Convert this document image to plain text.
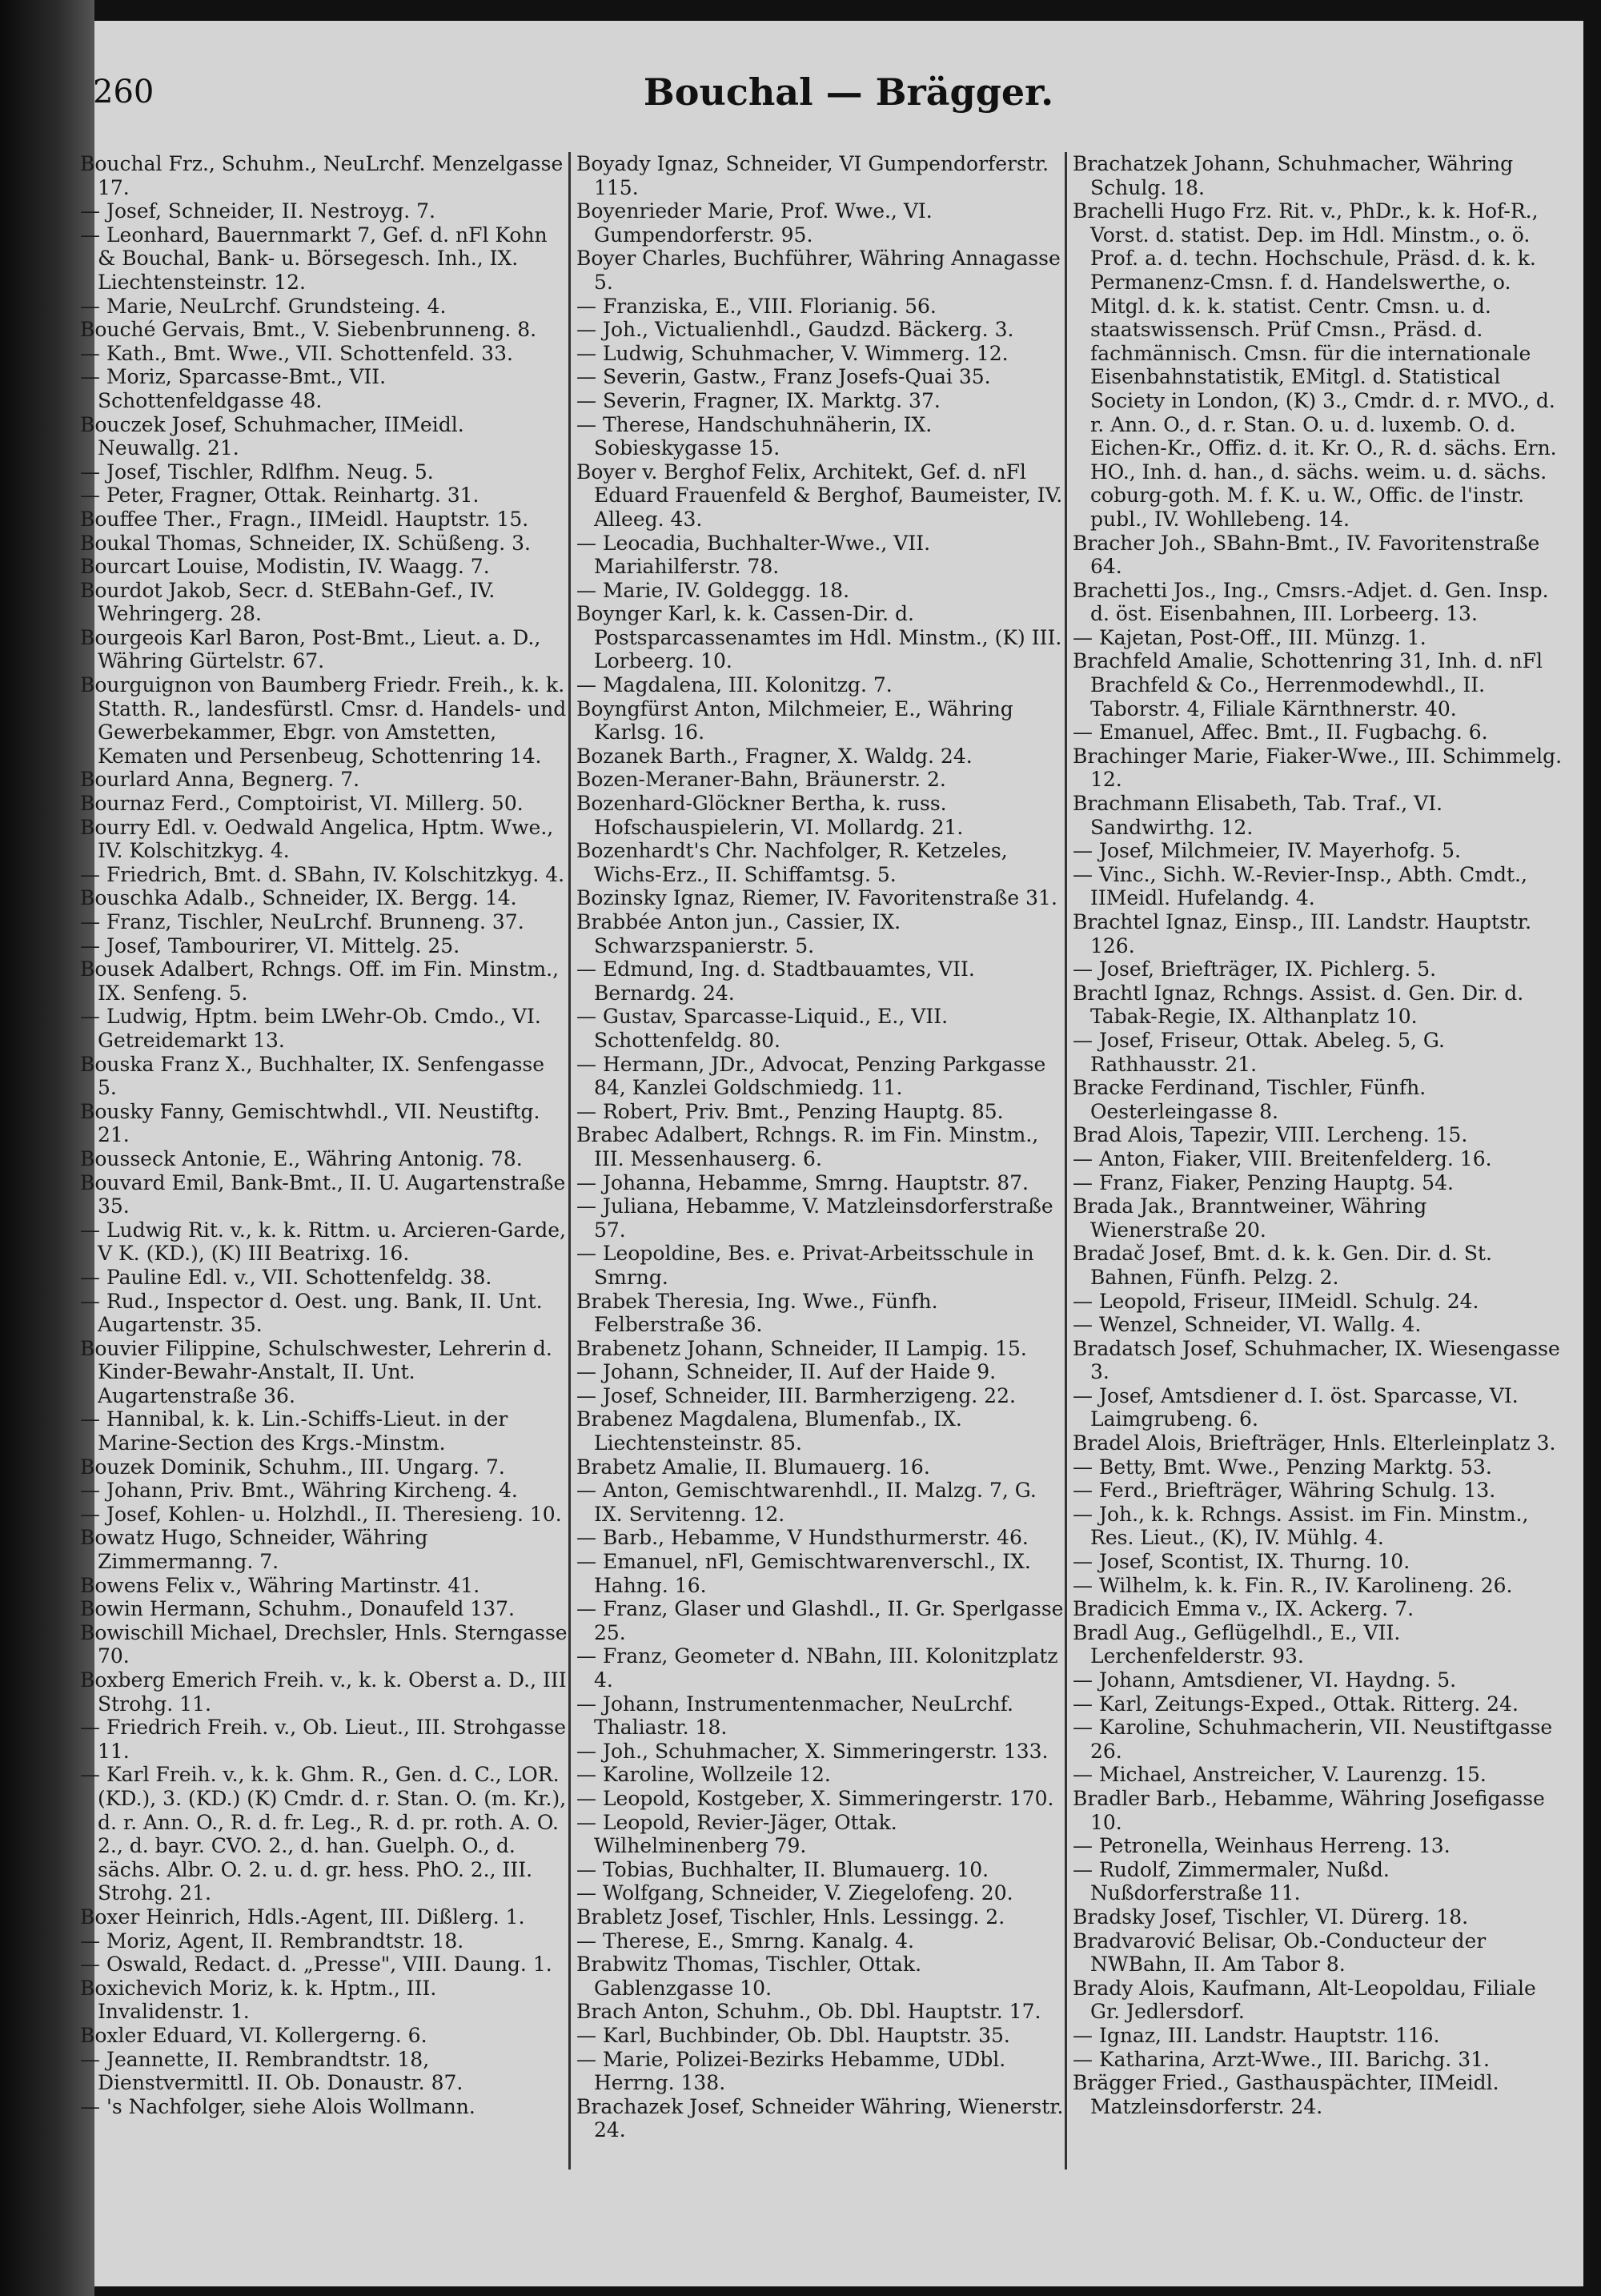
260	Bouchal — Brägger.
Bouchal Frz., Schuhm., NeuLrchf. Menzelgasse 17.
— Josef, Schneider, II. Nestroyg. 7.
— Leonhard, Bauernmarkt 7, Gef. d. nFl Kohn & Bouchal, Bank- u. Börsegesch. Inh., IX. Liechtensteinstr. 12.
— Marie, NeuLrchf. Grundsteing. 4.
Bouché Gervais, Bmt., V. Siebenbrunneng. 8.
— Kath., Bmt. Wwe., VII. Schottenfeld. 33.
— Moriz, Sparcasse-Bmt., VII. Schottenfeldgasse 48.
Bouczek Josef, Schuhmacher, IIMeidl. Neuwallg. 21.
— Josef, Tischler, Rdlfhm. Neug. 5.
— Peter, Fragner, Ottak. Reinhartg. 31.
Bouffee Ther., Fragn., IIMeidl. Hauptstr. 15.
Boukal Thomas, Schneider, IX. Schüßeng. 3.
Bourcart Louise, Modistin, IV. Waagg. 7.
Bourdot Jakob, Secr. d. StEBahn-Gef., IV. Wehringerg. 28.
Bourgeois Karl Baron, Post-Bmt., Lieut. a. D., Währing Gürtelstr. 67.
Bourguignon von Baumberg Friedr. Freih., k. k. Statth. R., landesfürstl. Cmsr. d. Handels- und Gewerbekammer, Ebgr. von Amstetten, Kematen und Persenbeug, Schottenring 14.
Bourlard Anna, Begnerg. 7.
Bournaz Ferd., Comptoirist, VI. Millerg. 50.
Bourry Edl. v. Oedwald Angelica, Hptm. Wwe., IV. Kolschitzkyg. 4.
— Friedrich, Bmt. d. SBahn, IV. Kolschitzkyg. 4.
Bouschka Adalb., Schneider, IX. Bergg. 14.
— Franz, Tischler, NeuLrchf. Brunneng. 37.
— Josef, Tambourirer, VI. Mittelg. 25.
Bousek Adalbert, Rchngs. Off. im Fin. Minstm., IX. Senfeng. 5.
— Ludwig, Hptm. beim LWehr-Ob. Cmdo., VI. Getreidemarkt 13.
Bouska Franz X., Buchhalter, IX. Senfengasse 5.
Bousky Fanny, Gemischtwhdl., VII. Neustiftg. 21.
Bousseck Antonie, E., Währing Antonig. 78.
Bouvard Emil, Bank-Bmt., II. U. Augartenstraße 35.
— Ludwig Rit. v., k. k. Rittm. u. Arcieren-Garde, V K. (KD.), (K) III Beatrixg. 16.
— Pauline Edl. v., VII. Schottenfeldg. 38.
— Rud., Inspector d. Oest. ung. Bank, II. Unt. Augartenstr. 35.
Bouvier Filippine, Schulschwester, Lehrerin d. Kinder-Bewahr-Anstalt, II. Unt. Augartenstraße 36.
— Hannibal, k. k. Lin.-Schiffs-Lieut. in der Marine-Section des Krgs.-Minstm.
Bouzek Dominik, Schuhm., III. Ungarg. 7.
— Johann, Priv. Bmt., Währing Kircheng. 4.
— Josef, Kohlen- u. Holzhdl., II. Theresieng. 10.
Bowatz Hugo, Schneider, Währing Zimmermanng. 7.
Bowens Felix v., Währing Martinstr. 41.
Bowin Hermann, Schuhm., Donaufeld 137.
Bowischill Michael, Drechsler, Hnls. Sterngasse 70.
Boxberg Emerich Freih. v., k. k. Oberst a. D., III Strohg. 11.
— Friedrich Freih. v., Ob. Lieut., III. Strohgasse 11.
— Karl Freih. v., k. k. Ghm. R., Gen. d. C., LOR. (KD.), 3. (KD.) (K) Cmdr. d. r. Stan. O. (m. Kr.), d. r. Ann. O., R. d. fr. Leg., R. d. pr. roth. A. O. 2., d. bayr. CVO. 2., d. han. Guelph. O., d. sächs. Albr. O. 2. u. d. gr. hess. PhO. 2., III. Strohg. 21.
Boxer Heinrich, Hdls.-Agent, III. Dißlerg. 1.
— Moriz, Agent, II. Rembrandtstr. 18.
— Oswald, Redact. d. „Presse", VIII. Daung. 1.
Boxichevich Moriz, k. k. Hptm., III. Invalidenstr. 1.
Boxler Eduard, VI. Kollergerng. 6.
— Jeannette, II. Rembrandtstr. 18, Dienstvermittl. II. Ob. Donaustr. 87.
— 's Nachfolger, siehe Alois Wollmann.
Boyady Ignaz, Schneider, VI Gumpendorferstr. 115.
Boyenrieder Marie, Prof. Wwe., VI. Gumpendorferstr. 95.
Boyer Charles, Buchführer, Währing Annagasse 5.
— Franziska, E., VIII. Florianig. 56.
— Joh., Victualienhdl., Gaudzd. Bäckerg. 3.
— Ludwig, Schuhmacher, V. Wimmerg. 12.
— Severin, Gastw., Franz Josefs-Quai 35.
— Severin, Fragner, IX. Marktg. 37.
— Therese, Handschuhnäherin, IX. Sobieskygasse 15.
Boyer v. Berghof Felix, Architekt, Gef. d. nFl Eduard Frauenfeld & Berghof, Baumeister, IV. Alleeg. 43.
— Leocadia, Buchhalter-Wwe., VII. Mariahilferstr. 78.
— Marie, IV. Goldeggg. 18.
Boynger Karl, k. k. Cassen-Dir. d. Postsparcassenamtes im Hdl. Minstm., (K) III. Lorbeerg. 10.
— Magdalena, III. Kolonitzg. 7.
Boyngfürst Anton, Milchmeier, E., Währing Karlsg. 16.
Bozanek Barth., Fragner, X. Waldg. 24.
Bozen-Meraner-Bahn, Bräunerstr. 2.
Bozenhard-Glöckner Bertha, k. russ. Hofschauspielerin, VI. Mollardg. 21.
Bozenhardt's Chr. Nachfolger, R. Ketzeles, Wichs-Erz., II. Schiffamtsg. 5.
Bozinsky Ignaz, Riemer, IV. Favoritenstraße 31.
Brabbée Anton jun., Cassier, IX. Schwarzspanierstr. 5.
— Edmund, Ing. d. Stadtbauamtes, VII. Bernardg. 24.
— Gustav, Sparcasse-Liquid., E., VII. Schottenfeldg. 80.
— Hermann, JDr., Advocat, Penzing Parkgasse 84, Kanzlei Goldschmiedg. 11.
— Robert, Priv. Bmt., Penzing Hauptg. 85.
Brabec Adalbert, Rchngs. R. im Fin. Minstm., III. Messenhauserg. 6.
— Johanna, Hebamme, Smrng. Hauptstr. 87.
— Juliana, Hebamme, V. Matzleinsdorferstraße 57.
— Leopoldine, Bes. e. Privat-Arbeitsschule in Smrng.
Brabek Theresia, Ing. Wwe., Fünfh. Felberstraße 36.
Brabenetz Johann, Schneider, II Lampig. 15.
— Johann, Schneider, II. Auf der Haide 9.
— Josef, Schneider, III. Barmherzigeng. 22.
Brabenez Magdalena, Blumenfab., IX. Liechtensteinstr. 85.
Brabetz Amalie, II. Blumauerg. 16.
— Anton, Gemischtwarenhdl., II. Malzg. 7, G. IX. Servitenng. 12.
— Barb., Hebamme, V Hundsthurmerstr. 46.
— Emanuel, nFl, Gemischtwarenverschl., IX. Hahng. 16.
— Franz, Glaser und Glashdl., II. Gr. Sperlgasse 25.
— Franz, Geometer d. NBahn, III. Kolonitzplatz 4.
— Johann, Instrumentenmacher, NeuLrchf. Thaliastr. 18.
— Joh., Schuhmacher, X. Simmeringerstr. 133.
— Karoline, Wollzeile 12.
— Leopold, Kostgeber, X. Simmeringerstr. 170.
— Leopold, Revier-Jäger, Ottak. Wilhelminenberg 79.
— Tobias, Buchhalter, II. Blumauerg. 10.
— Wolfgang, Schneider, V. Ziegelofeng. 20.
Brabletz Josef, Tischler, Hnls. Lessingg. 2.
— Therese, E., Smrng. Kanalg. 4.
Brabwitz Thomas, Tischler, Ottak. Gablenzgasse 10.
Brach Anton, Schuhm., Ob. Dbl. Hauptstr. 17.
— Karl, Buchbinder, Ob. Dbl. Hauptstr. 35.
— Marie, Polizei-Bezirks Hebamme, UDbl. Herrng. 138.
Brachazek Josef, Schneider Währing, Wienerstr. 24.
Brachatzek Johann, Schuhmacher, Währing Schulg. 18.
Brachelli Hugo Frz. Rit. v., PhDr., k. k. Hof-R., Vorst. d. statist. Dep. im Hdl. Minstm., o. ö. Prof. a. d. techn. Hochschule, Präsd. d. k. k. Permanenz-Cmsn. f. d. Handelswerthe, o. Mitgl. d. k. k. statist. Centr. Cmsn. u. d. staatswissensch. Prüf Cmsn., Präsd. d. fachmännisch. Cmsn. für die internationale Eisenbahnstatistik, EMitgl. d. Statistical Society in London, (K) 3., Cmdr. d. r. MVO., d. r. Ann. O., d. r. Stan. O. u. d. luxemb. O. d. Eichen-Kr., Offiz. d. it. Kr. O., R. d. sächs. Ern. HO., Inh. d. han., d. sächs. weim. u. d. sächs. coburg-goth. M. f. K. u. W., Offic. de l'instr. publ., IV. Wohllebeng. 14.
Bracher Joh., SBahn-Bmt., IV. Favoritenstraße 64.
Brachetti Jos., Ing., Cmsrs.-Adjet. d. Gen. Insp. d. öst. Eisenbahnen, III. Lorbeerg. 13.
— Kajetan, Post-Off., III. Münzg. 1.
Brachfeld Amalie, Schottenring 31, Inh. d. nFl Brachfeld & Co., Herrenmodewhdl., II. Taborstr. 4, Filiale Kärnthnerstr. 40.
— Emanuel, Affec. Bmt., II. Fugbachg. 6.
Brachinger Marie, Fiaker-Wwe., III. Schimmelg. 12.
Brachmann Elisabeth, Tab. Traf., VI. Sandwirthg. 12.
— Josef, Milchmeier, IV. Mayerhofg. 5.
— Vinc., Sichh. W.-Revier-Insp., Abth. Cmdt., IIMeidl. Hufelandg. 4.
Brachtel Ignaz, Einsp., III. Landstr. Hauptstr. 126.
— Josef, Briefträger, IX. Pichlerg. 5.
Brachtl Ignaz, Rchngs. Assist. d. Gen. Dir. d. Tabak-Regie, IX. Althanplatz 10.
— Josef, Friseur, Ottak. Abeleg. 5, G. Rathhausstr. 21.
Bracke Ferdinand, Tischler, Fünfh. Oesterleingasse 8.
Brad Alois, Tapezir, VIII. Lercheng. 15.
— Anton, Fiaker, VIII. Breitenfelderg. 16.
— Franz, Fiaker, Penzing Hauptg. 54.
Brada Jak., Branntweiner, Währing Wienerstraße 20.
Bradač Josef, Bmt. d. k. k. Gen. Dir. d. St. Bahnen, Fünfh. Pelzg. 2.
— Leopold, Friseur, IIMeidl. Schulg. 24.
— Wenzel, Schneider, VI. Wallg. 4.
Bradatsch Josef, Schuhmacher, IX. Wiesengasse 3.
— Josef, Amtsdiener d. I. öst. Sparcasse, VI. Laimgrubeng. 6.
Bradel Alois, Briefträger, Hnls. Elterleinplatz 3.
— Betty, Bmt. Wwe., Penzing Marktg. 53.
— Ferd., Briefträger, Währing Schulg. 13.
— Joh., k. k. Rchngs. Assist. im Fin. Minstm., Res. Lieut., (K), IV. Mühlg. 4.
— Josef, Scontist, IX. Thurng. 10.
— Wilhelm, k. k. Fin. R., IV. Karolineng. 26.
Bradicich Emma v., IX. Ackerg. 7.
Bradl Aug., Geflügelhdl., E., VII. Lerchenfelderstr. 93.
— Johann, Amtsdiener, VI. Haydng. 5.
— Karl, Zeitungs-Exped., Ottak. Ritterg. 24.
— Karoline, Schuhmacherin, VII. Neustiftgasse 26.
— Michael, Anstreicher, V. Laurenzg. 15.
Bradler Barb., Hebamme, Währing Josefigasse 10.
— Petronella, Weinhaus Herreng. 13.
— Rudolf, Zimmermaler, Nußd. Nußdorferstraße 11.
Bradsky Josef, Tischler, VI. Dürerg. 18.
Bradvarović Belisar, Ob.-Conducteur der NWBahn, II. Am Tabor 8.
Brady Alois, Kaufmann, Alt-Leopoldau, Filiale Gr. Jedlersdorf.
— Ignaz, III. Landstr. Hauptstr. 116.
— Katharina, Arzt-Wwe., III. Barichg. 31.
Brägger Fried., Gasthauspächter, IIMeidl. Matzleinsdorferstr. 24.
